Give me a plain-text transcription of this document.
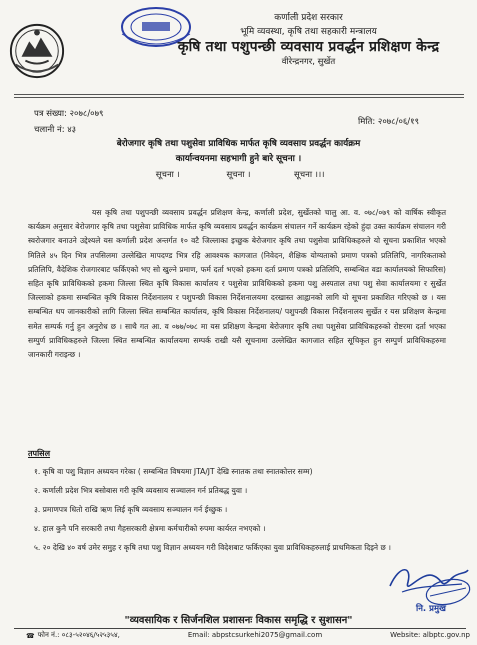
कर्णाली प्रदेश सरकार
भूमि व्यवस्था, कृषि तथा सहकारी मन्त्रालय
कृषि तथा पशुपन्छी व्यवसाय प्रवर्द्धन प्रशिक्षण केन्द्र
वीरेन्द्रनगर, सुर्खेत
पत्र संख्या: २०७८/०७९
चलानी नं: ४३
मिति: २०७८/०६/१९
बेरोजगार कृषि तथा पशुसेवा प्राविधिक मार्फत कृषि व्यवसाय प्रवर्द्धन कार्यक्रम
कार्यान्वयनमा सहभागी हुने बारे सूचना ।
सूचना ।	सूचना ।	सूचना ।।।
यस कृषि तथा पशुपन्छी व्यवसाय प्रवर्द्धन प्रशिक्षण केन्द्र, कर्णाली प्रदेश, सुर्खेतको चालु आ. व. ०७८/०७९ को वार्षिक स्वीकृत कार्यक्रम अनुसार बेरोजगार कृषि तथा पशुसेवा प्राविधिक मार्फत कृषि व्यवसाय प्रवर्द्धन कार्यक्रम संचालन गर्ने कार्यक्रम रहेको हुंदा उक्त कार्यक्रम संचालन गरी स्वरोजगार बनाउने उद्देश्यले यस कर्णाली प्रदेश अन्तर्गत १० वटै जिल्लाका इच्छुक बेरोजगार कृषि तथा पशुसेवा प्राविधिकहरुले यो सूचना प्रकाशित भएको मितिले ४५ दिन भित्र तपसिलमा उल्लेखित मापदण्ड भित्र रहि आवश्यक कागजात (निवेदन, शैक्षिक योग्यताको प्रमाण पत्रको प्रतिलिपि, नागरिकताको प्रतिलिपि, वैदेशिक रोजगारबाट फर्किएको भए सो खुल्ने प्रमाण, फर्म दर्ता भएको हकमा दर्ता प्रमाण पत्रको प्रतिलिपि, सम्बन्धित वडा कार्यालयको सिफारिस) सहित कृषि प्राविधिकको हकमा जिल्ला स्थित कृषि विकास कार्यालय र पशुसेवा प्राविधिकको हकमा पशु अस्पताल तथा पशु सेवा कार्यालयमा र सुर्खेत जिल्लाको हकमा सम्बन्धित कृषि विकास निर्देशनालय र पशुपन्छी विकास निर्देशनालयमा दरखास्त आह्वानको लागि यो सूचना प्रकाशित गरिएको छ । यस सम्बन्धित थप जानकारीको लागि जिल्ला स्थित सम्बन्धित कार्यालय, कृषि विकास निर्देशनालय/ पशुपन्छी विकास निर्देशनालय सुर्खेत र यस प्रशिक्षण केन्द्रमा समेत सम्पर्क गर्नु हुन अनुरोध छ । साथै गत आ. व ०७७/०७८ मा यस प्रशिक्षण केन्द्रमा बेरोजगार कृषि तथा पशुसेवा प्राविधिकहरुको रोष्टरमा दर्ता भएका सम्पुर्ण प्राविधिकहरुले जिल्ला स्थित सम्बन्धित कार्यालयमा सम्पर्क राखी यसै सूचनामा उल्लेखित कागजात सहित सूचिकृत हुन सम्पुर्ण प्राविधिकहरुमा जानकारी गराइन्छ ।
तपसिल
१. कृषि वा पशु विज्ञान अध्ययन गरेका ( सम्बन्धित विषयमा JTA/JT देखि स्नातक तथा स्नातकोत्तर सम्म)
२. कर्णाली प्रदेश भित्र बसोबास गरी कृषि व्यवसाय सञ्चालन गर्न प्रतिबद्ध युवा ।
३. प्रमाणपत्र धितो राखि ऋण लिई कृषि व्यवसाय सञ्चालन गर्न ईच्छुक ।
४. हाल कुनै पनि सरकारी तथा गैहसरकारी क्षेत्रमा कर्मचारीको रुपमा कार्यरत नभएको ।
५. २० देखि ४० वर्ष उमेर समुह र कृषि तथा पशु विज्ञान अध्ययन गरी विदेशबाट फर्किएका युवा प्राविधिकहरुलाई प्राथमिकता दिइने छ ।
नि. प्रमुख
"व्यवसायिक र सिर्जनशिल प्रशासनः विकास समृद्धि र सुशासन"
☎ फोन नं.: ०८३-५२०४६/५२५३५४,	Email: abpstcsurkehi2075@gmail.com	Website: albptc.gov.np
